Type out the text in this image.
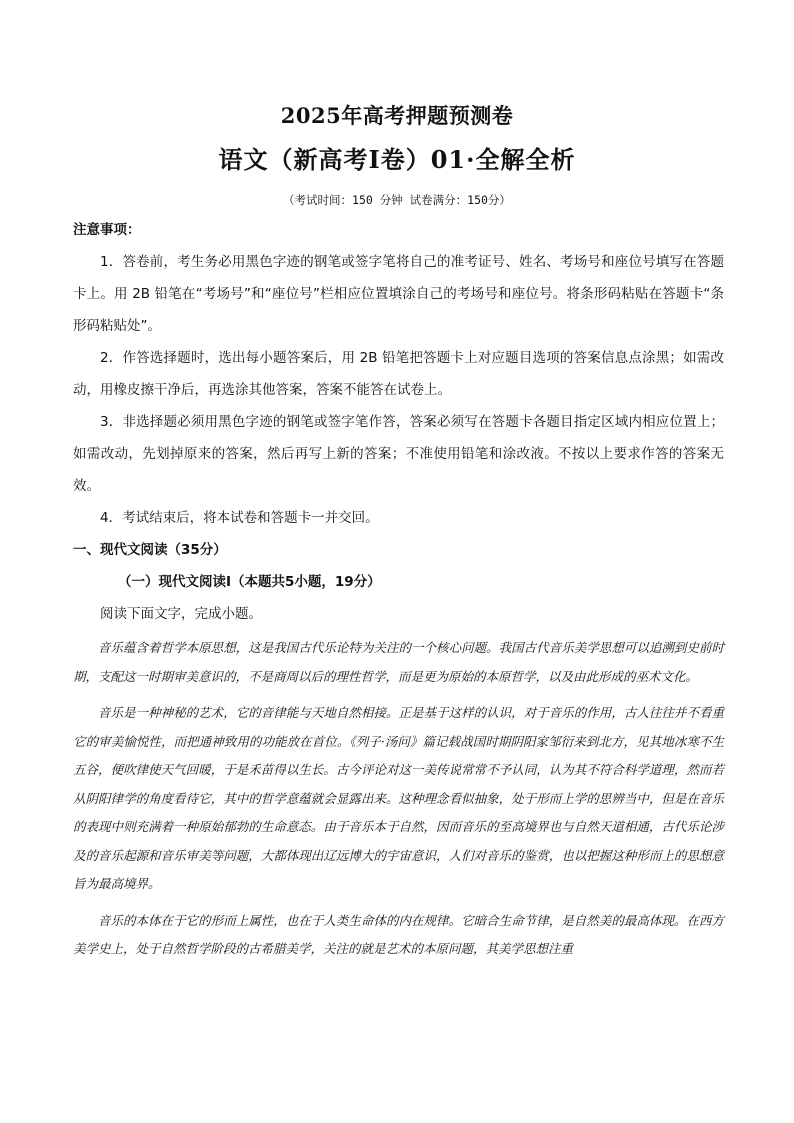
2025年高考押题预测卷
语文（新高考Ⅰ卷）01·全解全析
（考试时间：150 分钟 试卷满分：150分）
注意事项：

1．答卷前，考生务必用黑色字迹的钢笔或签字笔将自己的准考证号、姓名、考场号和座位号填写在答题卡上。用 2B 铅笔在“考场号”和“座位号”栏相应位置填涂自己的考场号和座位号。将条形码粘贴在答题卡“条形码粘贴处”。

2．作答选择题时，选出每小题答案后，用 2B 铅笔把答题卡上对应题目选项的答案信息点涂黑；如需改动，用橡皮擦干净后，再选涂其他答案，答案不能答在试卷上。

3．非选择题必须用黑色字迹的钢笔或签字笔作答，答案必须写在答题卡各题目指定区域内相应位置上；如需改动，先划掉原来的答案，然后再写上新的答案；不准使用铅笔和涂改液。不按以上要求作答的答案无效。

4．考试结束后，将本试卷和答题卡一并交回。

一、现代文阅读（35分）
（一）现代文阅读Ⅰ（本题共5小题，19分）
阅读下面文字，完成小题。

音乐蕴含着哲学本原思想，这是我国古代乐论特为关注的一个核心问题。我国古代音乐美学思想可以追溯到史前时期，支配这一时期审美意识的，不是商周以后的理性哲学，而是更为原始的本原哲学，以及由此形成的巫术文化。

音乐是一种神秘的艺术，它的音律能与天地自然相接。正是基于这样的认识，对于音乐的作用，古人往往并不看重它的审美愉悦性，而把通神致用的功能放在首位。《列子·汤问》篇记载战国时期阴阳家邹衍来到北方，见其地冰寒不生五谷，便吹律使天气回暖，于是禾苗得以生长。古今评论对这一美传说常常不予认同，认为其不符合科学道理，然而若从阴阳律学的角度看待它，其中的哲学意蕴就会显露出来。这种理念看似抽象，处于形而上学的思辨当中，但是在音乐的表现中则充满着一种原始郁勃的生命意态。由于音乐本于自然，因而音乐的至高境界也与自然天道相通，古代乐论涉及的音乐起源和音乐审美等问题，大都体现出辽远博大的宇宙意识，人们对音乐的鉴赏，也以把握这种形而上的思想意旨为最高境界。

音乐的本体在于它的形而上属性，也在于人类生命体的内在规律。它暗合生命节律，是自然美的最高体现。在西方美学史上，处于自然哲学阶段的古希腊美学，关注的就是艺术的本原问题，其美学思想注重
